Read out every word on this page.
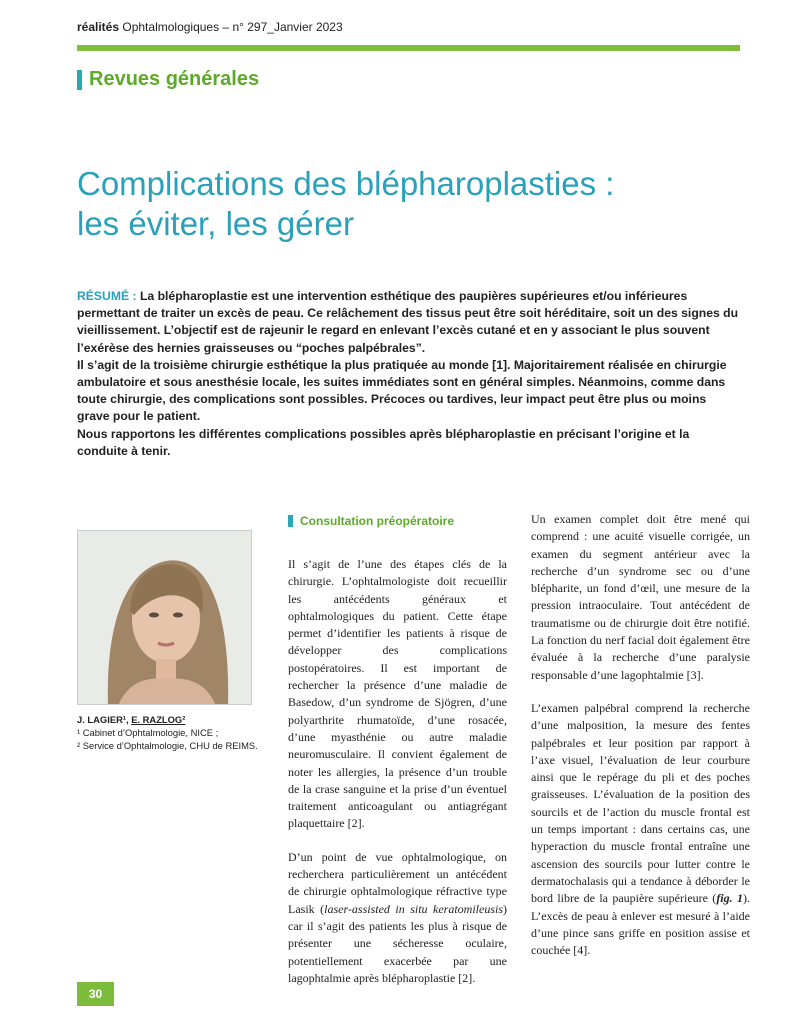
réalités Ophtalmologiques – n° 297_Janvier 2023
Revues générales
Complications des blépharoplasties :
les éviter, les gérer

RÉSUMÉ : La blépharoplastie est une intervention esthétique des paupières supérieures et/ou inférieures permettant de traiter un excès de peau. Ce relâchement des tissus peut être soit héréditaire, soit un des signes du vieillissement. L’objectif est de rajeunir le regard en enlevant l’excès cutané et en y associant le plus souvent l’exérèse des hernies graisseuses ou “poches palpébrales”.

Il s’agit de la troisième chirurgie esthétique la plus pratiquée au monde [1]. Majoritairement réalisée en chirurgie ambulatoire et sous anesthésie locale, les suites immédiates sont en général simples. Néanmoins, comme dans toute chirurgie, des complications sont possibles. Précoces ou tardives, leur impact peut être plus ou moins grave pour le patient.

Nous rapportons les différentes complications possibles après blépharoplastie en précisant l’origine et la conduite à tenir.

J. LAGIER¹, E. RAZLOG²
¹ Cabinet d’Ophtalmologie, NICE ;
² Service d’Ophtalmologie, CHU de REIMS.
Consultation préopératoire

Il s’agit de l’une des étapes clés de la chirurgie. L’ophtalmologiste doit recueillir les antécédents généraux et ophtalmologiques du patient. Cette étape permet d’identifier les patients à risque de développer des complications postopératoires. Il est important de rechercher la présence d’une maladie de Basedow, d’un syndrome de Sjögren, d’une polyarthrite rhumatoïde, d’une rosacée, d’une myasthénie ou autre maladie neuromusculaire. Il convient également de noter les allergies, la présence d’un trouble de la crase sanguine et la prise d’un éventuel traitement anticoagulant ou antiagrégant plaquettaire [2].

D’un point de vue ophtalmologique, on recherchera particulièrement un antécédent de chirurgie ophtalmologique réfractive type Lasik (laser-assisted in situ keratomileusis) car il s’agit des patients les plus à risque de présenter une sécheresse oculaire, potentiellement exacerbée par une lagophtalmie après blépharoplastie [2].

Un examen complet doit être mené qui comprend : une acuité visuelle corrigée, un examen du segment antérieur avec la recherche d’un syndrome sec ou d’une blépharite, un fond d’œil, une mesure de la pression intraoculaire. Tout antécédent de traumatisme ou de chirurgie doit être notifié. La fonction du nerf facial doit également être évaluée à la recherche d’une paralysie responsable d’une lagophtalmie [3].

L’examen palpébral comprend la recherche d’une malposition, la mesure des fentes palpébrales et leur position par rapport à l’axe visuel, l’évaluation de leur courbure ainsi que le repérage du pli et des poches graisseuses. L’évaluation de la position des sourcils et de l’action du muscle frontal est un temps important : dans certains cas, une hyperaction du muscle frontal entraîne une ascension des sourcils pour lutter contre le dermatochalasis qui a tendance à déborder le bord libre de la paupière supérieure (fig. 1). L’excès de peau à enlever est mesuré à l’aide d’une pince sans griffe en position assise et couchée [4].

30
